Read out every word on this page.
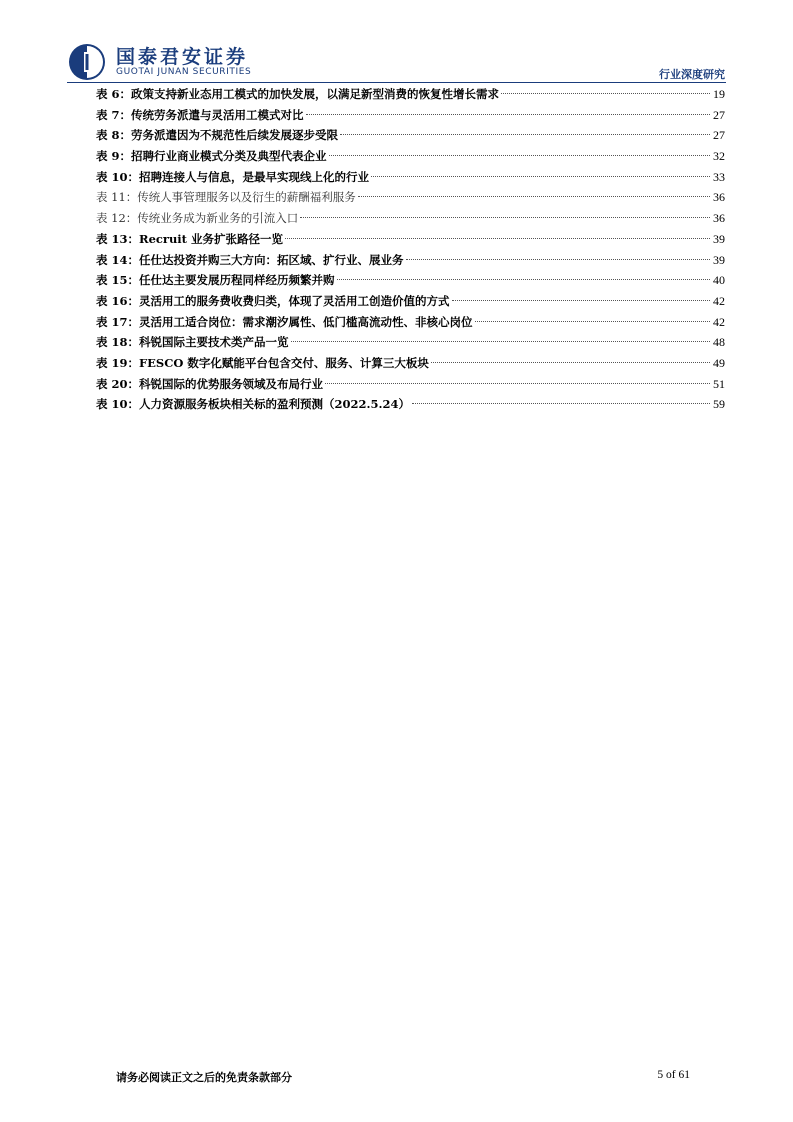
国泰君安证券
GUOTAI JUNAN SECURITIES	行业深度研究
表 6：政策支持新业态用工模式的加快发展，以满足新型消费的恢复性增长需求	19
表 7：传统劳务派遣与灵活用工模式对比	27
表 8：劳务派遣因为不规范性后续发展逐步受限	27
表 9：招聘行业商业模式分类及典型代表企业	32
表 10：招聘连接人与信息，是最早实现线上化的行业	33
表 11：传统人事管理服务以及衍生的薪酬福利服务	36
表 12：传统业务成为新业务的引流入口	36
表 13：Recruit 业务扩张路径一览	39
表 14：任仕达投资并购三大方向：拓区域、扩行业、展业务	39
表 15：任仕达主要发展历程同样经历频繁并购	40
表 16：灵活用工的服务费收费归类，体现了灵活用工创造价值的方式	42
表 17：灵活用工适合岗位：需求潮汐属性、低门槛高流动性、非核心岗位	42
表 18：科锐国际主要技术类产品一览	48
表 19：FESCO 数字化赋能平台包含交付、服务、计算三大板块	49
表 20：科锐国际的优势服务领域及布局行业	51
表 10：人力资源服务板块相关标的盈利预测（2022.5.24）	59
请务必阅读正文之后的免责条款部分	5 of 61
